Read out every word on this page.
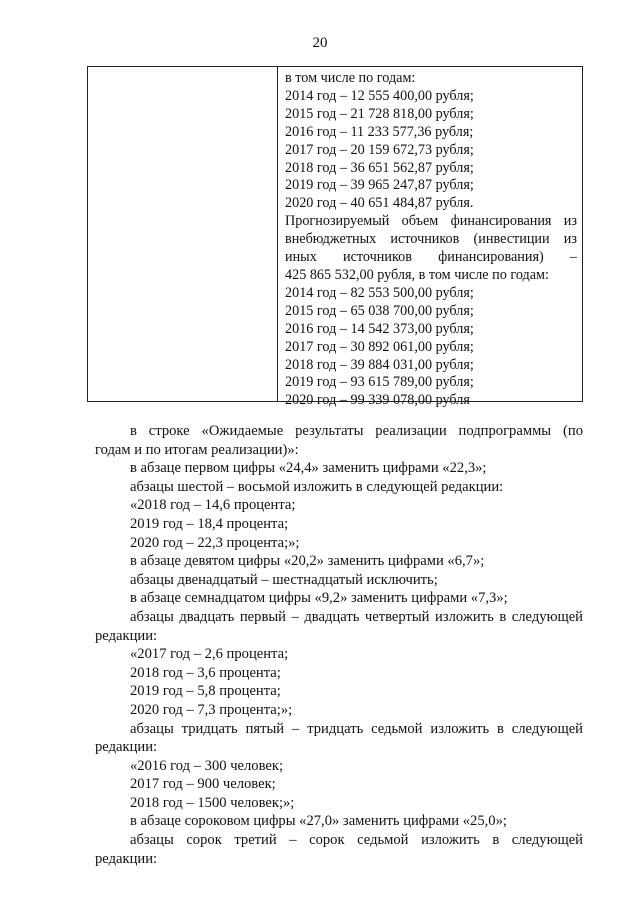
20
в том числе по годам:
2014 год – 12 555 400,00 рубля;
2015 год – 21 728 818,00 рубля;
2016 год – 11 233 577,36 рубля;
2017 год – 20 159 672,73 рубля;
2018 год – 36 651 562,87 рубля;
2019 год – 39 965 247,87 рубля;
2020 год – 40 651 484,87 рубля.
Прогнозируемый объем финансирования из
внебюджетных источников (инвестиции из
иных источников финансирования) –
425 865 532,00 рубля, в том числе по годам:
2014 год – 82 553 500,00 рубля;
2015 год – 65 038 700,00 рубля;
2016 год – 14 542 373,00 рубля;
2017 год – 30 892 061,00 рубля;
2018 год – 39 884 031,00 рубля;
2019 год – 93 615 789,00 рубля;
2020 год – 99 339 078,00 рубля
в строке «Ожидаемые результаты реализации подпрограммы (по
годам и по итогам реализации)»:
в абзаце первом цифры «24,4» заменить цифрами «22,3»;
абзацы шестой – восьмой изложить в следующей редакции:
«2018 год – 14,6 процента;
2019 год – 18,4 процента;
2020 год – 22,3 процента;»;
в абзаце девятом цифры «20,2» заменить цифрами «6,7»;
абзацы двенадцатый – шестнадцатый исключить;
в абзаце семнадцатом цифры «9,2» заменить цифрами «7,3»;
абзацы двадцать первый – двадцать четвертый изложить в следующей
редакции:
«2017 год – 2,6 процента;
2018 год – 3,6 процента;
2019 год – 5,8 процента;
2020 год – 7,3 процента;»;
абзацы тридцать пятый – тридцать седьмой изложить в следующей
редакции:
«2016 год – 300 человек;
2017 год – 900 человек;
2018 год – 1500 человек;»;
в абзаце сороковом цифры «27,0» заменить цифрами «25,0»;
абзацы сорок третий – сорок седьмой изложить в следующей
редакции:
